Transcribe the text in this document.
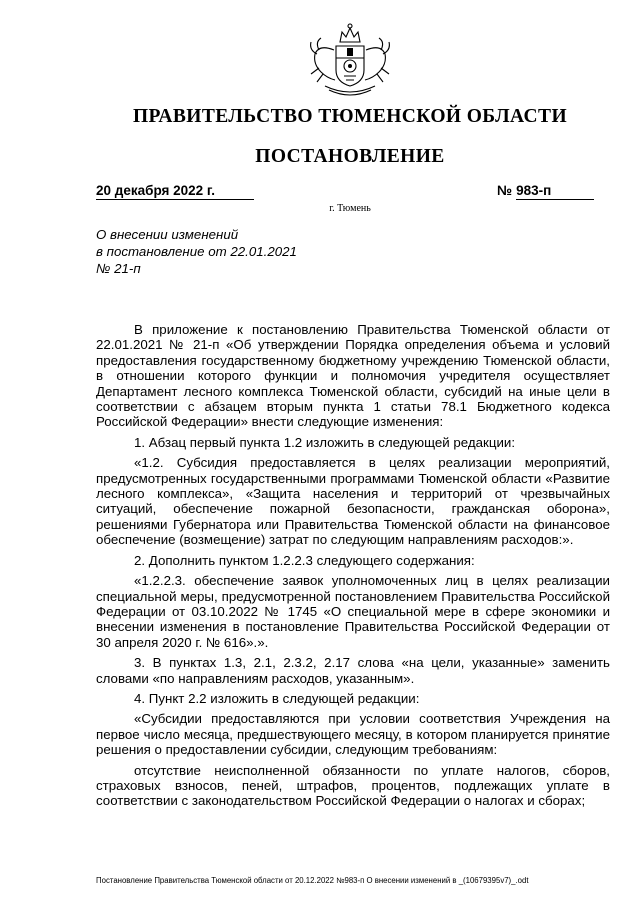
ПРАВИТЕЛЬСТВО ТЮМЕНСКОЙ ОБЛАСТИ
ПОСТАНОВЛЕНИЕ
20 декабря 2022 г.	№ 983-п
г. Тюмень
О внесении изменений
в постановление от 22.01.2021
№ 21-п

В приложение к постановлению Правительства Тюменской области от 22.01.2021 № 21-п «Об утверждении Порядка определения объема и условий предоставления государственному бюджетному учреждению Тюменской области, в отношении которого функции и полномочия учредителя осуществляет Департамент лесного комплекса Тюменской области, субсидий на иные цели в соответствии с абзацем вторым пункта 1 статьи 78.1 Бюджетного кодекса Российской Федерации» внести следующие изменения:

1. Абзац первый пункта 1.2 изложить в следующей редакции:

«1.2. Субсидия предоставляется в целях реализации мероприятий, предусмотренных государственными программами Тюменской области «Развитие лесного комплекса», «Защита населения и территорий от чрезвычайных ситуаций, обеспечение пожарной безопасности, гражданская оборона», решениями Губернатора или Правительства Тюменской области на финансовое обеспечение (возмещение) затрат по следующим направлениям расходов:».

2. Дополнить пунктом 1.2.2.3 следующего содержания:

«1.2.2.3. обеспечение заявок уполномоченных лиц в целях реализации специальной меры, предусмотренной постановлением Правительства Российской Федерации от 03.10.2022 № 1745 «О специальной мере в сфере экономики и внесении изменения в постановление Правительства Российской Федерации от 30 апреля 2020 г. № 616».».

3. В пунктах 1.3, 2.1, 2.3.2, 2.17 слова «на цели, указанные» заменить словами «по направлениям расходов, указанным».

4. Пункт 2.2 изложить в следующей редакции:

«Субсидии предоставляются при условии соответствия Учреждения на первое число месяца, предшествующего месяцу, в котором планируется принятие решения о предоставлении субсидии, следующим требованиям:

отсутствие неисполненной обязанности по уплате налогов, сборов, страховых взносов, пеней, штрафов, процентов, подлежащих уплате в соответствии с законодательством Российской Федерации о налогах и сборах;

Постановление Правительства Тюменской области от 20.12.2022 №983-п О внесении изменений в _(10679395v7)_.odt
